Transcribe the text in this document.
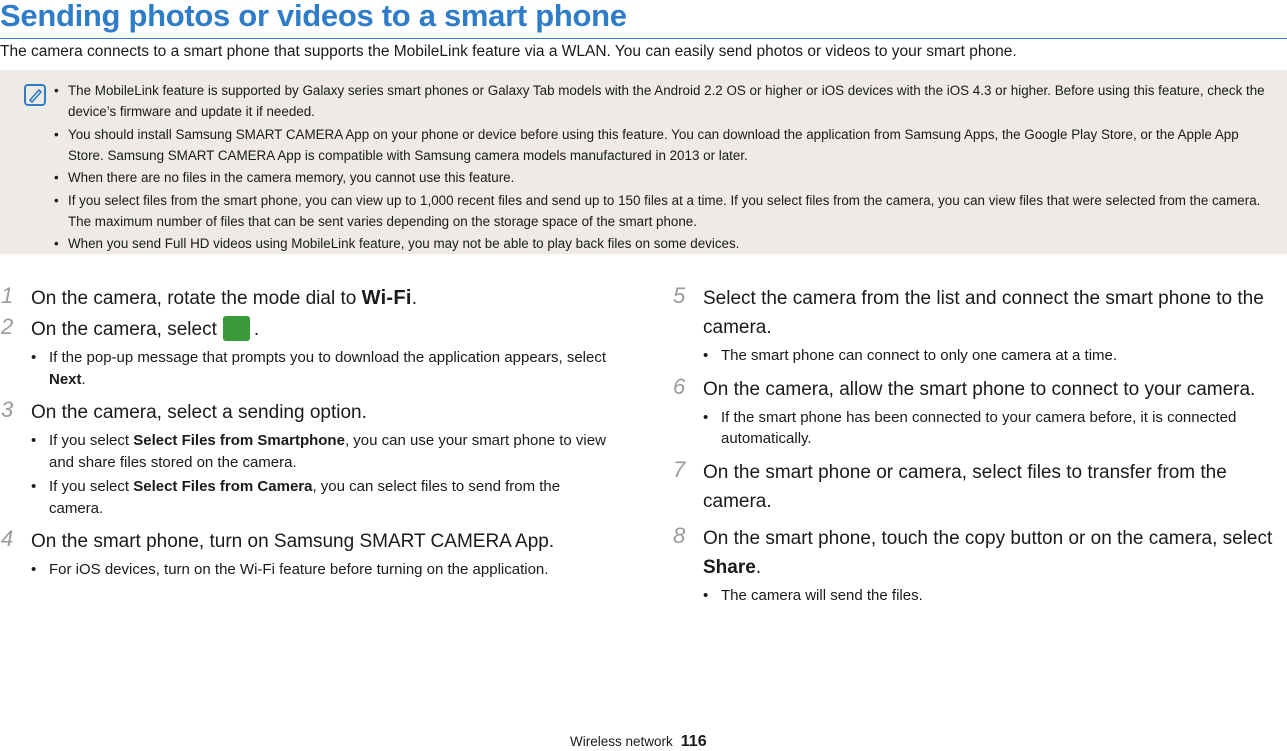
Sending photos or videos to a smart phone
The camera connects to a smart phone that supports the MobileLink feature via a WLAN. You can easily send photos or videos to your smart phone.
• The MobileLink feature is supported by Galaxy series smart phones or Galaxy Tab models with the Android 2.2 OS or higher or iOS devices with the iOS 4.3 or higher. Before using this feature, check the device’s firmware and update it if needed.
• You should install Samsung SMART CAMERA App on your phone or device before using this feature. You can download the application from Samsung Apps, the Google Play Store, or the Apple App Store. Samsung SMART CAMERA App is compatible with Samsung camera models manufactured in 2013 or later.
• When there are no files in the camera memory, you cannot use this feature.
• If you select files from the smart phone, you can view up to 1,000 recent files and send up to 150 files at a time. If you select files from the camera, you can view files that were selected from the camera. The maximum number of files that can be sent varies depending on the storage space of the smart phone.
• When you send Full HD videos using MobileLink feature, you may not be able to play back files on some devices.
1 On the camera, rotate the mode dial to Wi-Fi.
2 On the camera, select .
• If the pop-up message that prompts you to download the application appears, select Next.
3 On the camera, select a sending option.
• If you select Select Files from Smartphone, you can use your smart phone to view and share files stored on the camera.
• If you select Select Files from Camera, you can select files to send from the camera.
4 On the smart phone, turn on Samsung SMART CAMERA App.
• For iOS devices, turn on the Wi-Fi feature before turning on the application.
5 Select the camera from the list and connect the smart phone to the camera.
• The smart phone can connect to only one camera at a time.
6 On the camera, allow the smart phone to connect to your camera.
• If the smart phone has been connected to your camera before, it is connected automatically.
7 On the smart phone or camera, select files to transfer from the camera.
8 On the smart phone, touch the copy button or on the camera, select Share.
• The camera will send the files.
Wireless network 116
